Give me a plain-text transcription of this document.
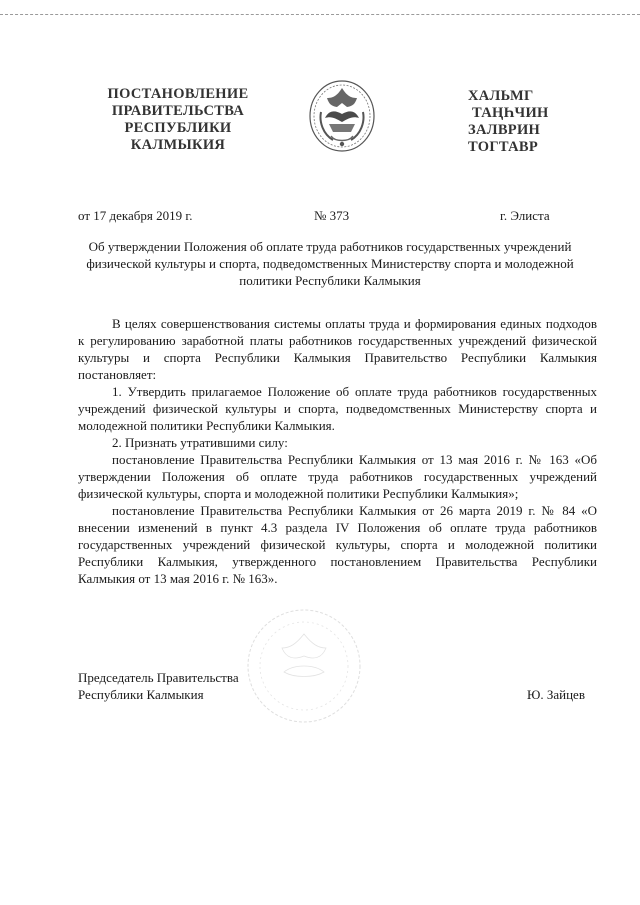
ПОСТАНОВЛЕНИЕ
ПРАВИТЕЛЬСТВА
РЕСПУБЛИКИ
КАЛМЫКИЯ
ХАЛЬМГ
ТАҢҺЧИН
ЗАЛВРИН
ТОГТАВР
от 17 декабря 2019 г.	№ 373	г. Элиста
Об утверждении Положения об оплате труда работников государственных учреждений физической культуры и спорта, подведомственных Министерству спорта и молодежной политики Республики Калмыкия

В целях совершенствования системы оплаты труда и формирования единых подходов к регулированию заработной платы работников государственных учреждений физической культуры и спорта Республики Калмыкия Правительство Республики Калмыкия постановляет:

1. Утвердить прилагаемое Положение об оплате труда работников государственных учреждений физической культуры и спорта, подведомственных Министерству спорта и молодежной политики Республики Калмыкия.

2. Признать утратившими силу:

постановление Правительства Республики Калмыкия от 13 мая 2016 г. № 163 «Об утверждении Положения об оплате труда работников государственных учреждений физической культуры, спорта и молодежной политики Республики Калмыкия»;

постановление Правительства Республики Калмыкия от 26 марта 2019 г. № 84 «О внесении изменений в пункт 4.3 раздела IV Положения об оплате труда работников государственных учреждений физической культуры, спорта и молодежной политики Республики Калмыкия, утвержденного постановлением Правительства Республики Калмыкия от 13 мая 2016 г. № 163».

Председатель Правительства
Республики Калмыкия	Ю. Зайцев
